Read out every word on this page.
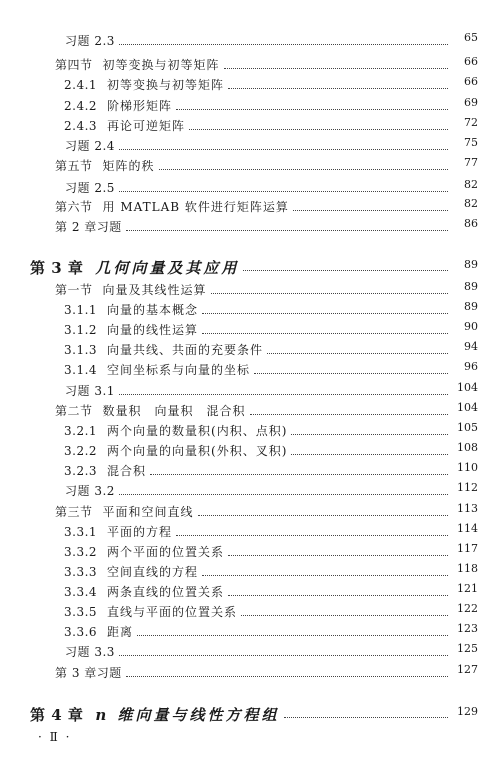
习题 2.3	65
第四节 初等变换与初等矩阵	66
2.4.1 初等变换与初等矩阵	66
2.4.2 阶梯形矩阵	69
2.4.3 再论可逆矩阵	72
习题 2.4	75
第五节 矩阵的秩	77
习题 2.5	82
第六节 用 MATLAB 软件进行矩阵运算	82
第 2 章习题	86
第 3 章 几何向量及其应用	89
第一节 向量及其线性运算	89
3.1.1 向量的基本概念	89
3.1.2 向量的线性运算	90
3.1.3 向量共线、共面的充要条件	94
3.1.4 空间坐标系与向量的坐标	96
习题 3.1	104
第二节 数量积　向量积　混合积	104
3.2.1 两个向量的数量积(内积、点积)	105
3.2.2 两个向量的向量积(外积、叉积)	108
3.2.3 混合积	110
习题 3.2	112
第三节 平面和空间直线	113
3.3.1 平面的方程	114
3.3.2 两个平面的位置关系	117
3.3.3 空间直线的方程	118
3.3.4 两条直线的位置关系	121
3.3.5 直线与平面的位置关系	122
3.3.6 距离	123
习题 3.3	125
第 3 章习题	127
第 4 章 n 维向量与线性方程组	129
· Ⅱ ·
